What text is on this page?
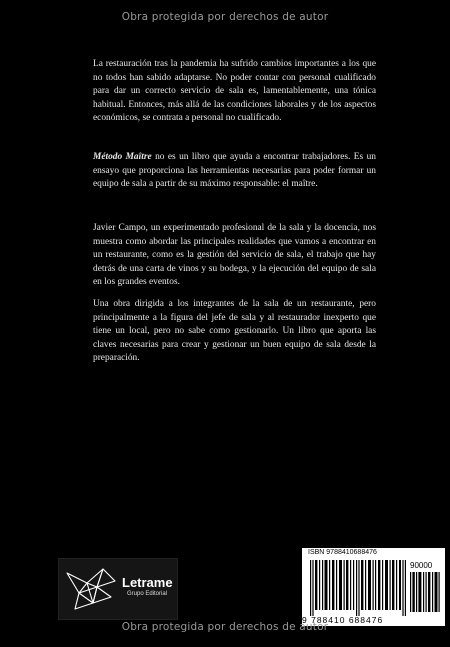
Obra protegida por derechos de autor

La restauración tras la pandemia ha sufrido cambios importantes a los que no todos han sabido adaptarse. No poder contar con personal cualificado para dar un correcto servicio de sala es, lamentablemente, una tónica habitual. Entonces, más allá de las condiciones laborales y de los aspectos económicos, se contrata a personal no cualificado.

Método Maître no es un libro que ayuda a encontrar trabajadores. Es un ensayo que proporciona las herramientas necesarias para poder formar un equipo de sala a partir de su máximo responsable: el maître.

Javier Campo, un experimentado profesional de la sala y la docencia, nos muestra como abordar las principales realidades que vamos a encontrar en un restaurante, como es la gestión del servicio de sala, el trabajo que hay detrás de una carta de vinos y su bodega, y la ejecución del equipo de sala en los grandes eventos.

Una obra dirigida a los integrantes de la sala de un restaurante, pero principalmente a la figura del jefe de sala y al restaurador inexperto que tiene un local, pero no sabe como gestionarlo. Un libro que aporta las claves necesarias para crear y gestionar un buen equipo de sala desde la preparación.

Letrame
Grupo Editorial
ISBN 9788410688476
90000
9 788410 688476
Obra protegida por derechos de autor
